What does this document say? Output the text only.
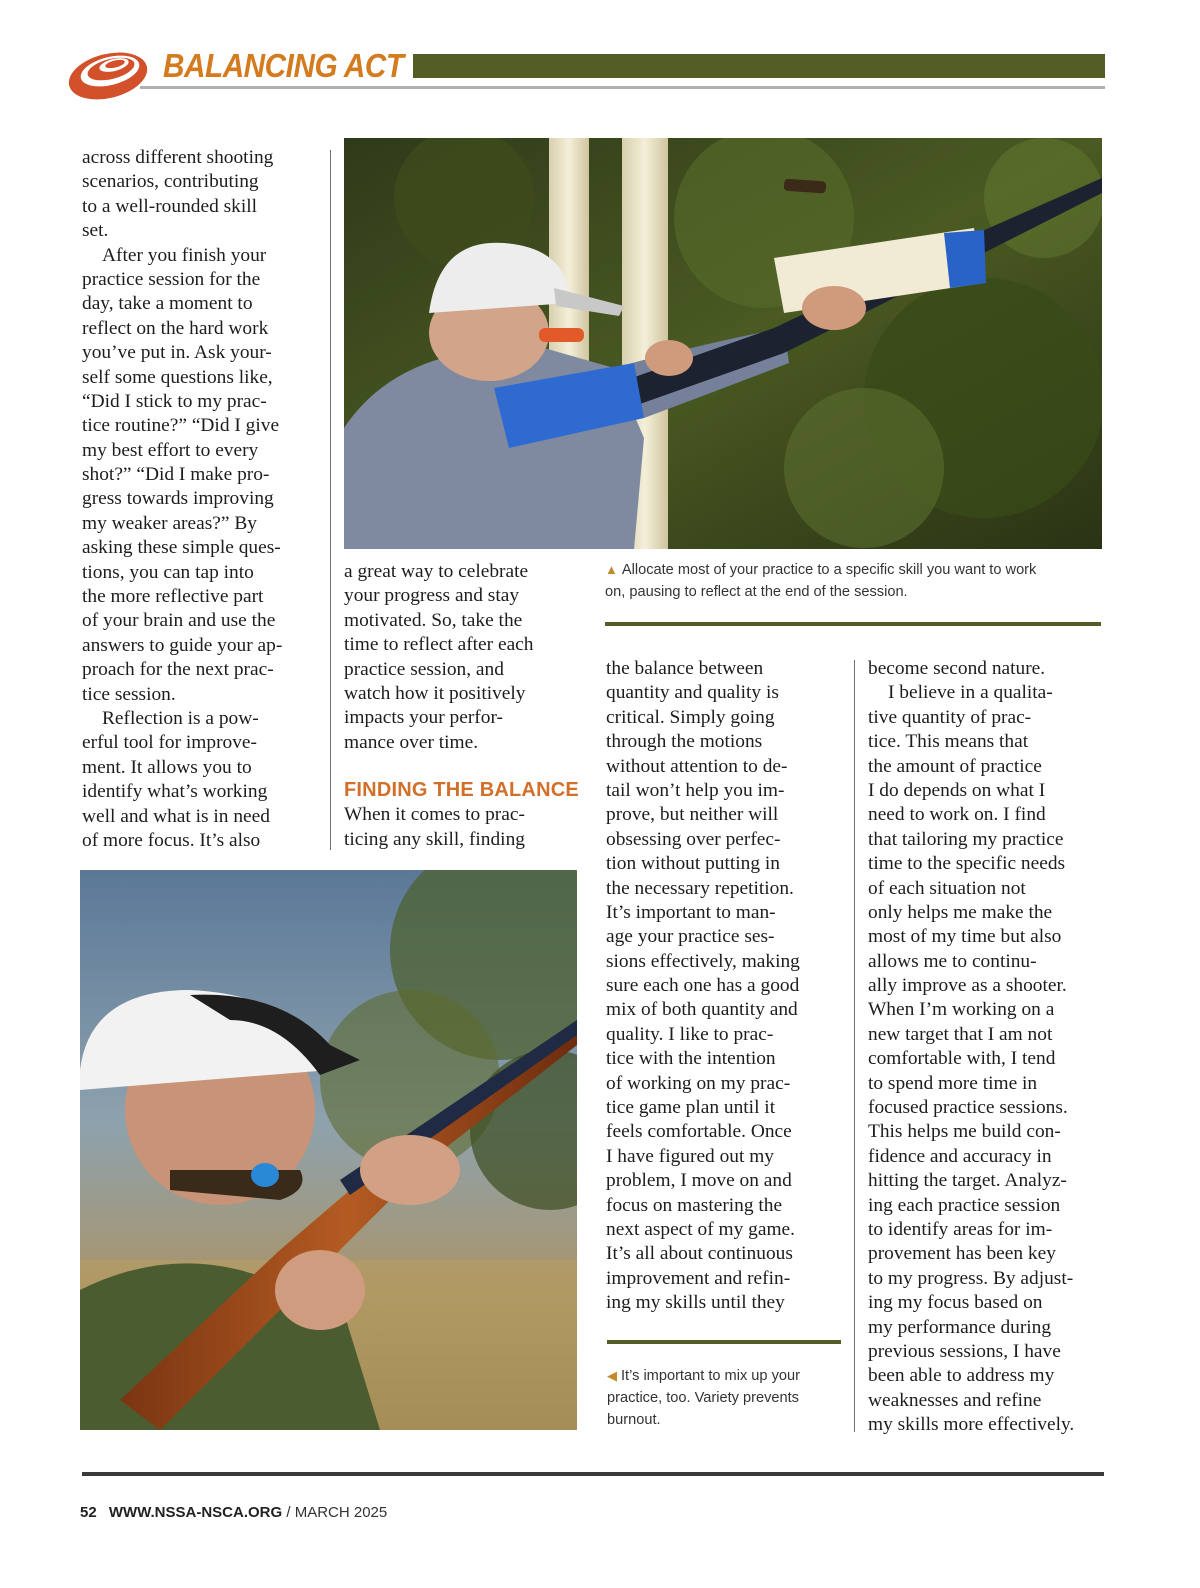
BALANCING ACT
across different shooting
scenarios, contributing
to a well-rounded skill
set.
After you finish your
practice session for the
day, take a moment to
reflect on the hard work
you’ve put in. Ask your-
self some questions like,
“Did I stick to my prac-
tice routine?” “Did I give
my best effort to every
shot?” “Did I make pro-
gress towards improving
my weaker areas?” By
asking these simple ques-
tions, you can tap into
the more reflective part
of your brain and use the
answers to guide your ap-
proach for the next prac-
tice session.
Reflection is a pow-
erful tool for improve-
ment. It allows you to
identify what’s working
well and what is in need
of more focus. It’s also
a great way to celebrate
your progress and stay
motivated. So, take the
time to reflect after each
practice session, and
watch how it positively
impacts your perfor-
mance over time.
FINDING THE BALANCE
When it comes to prac-
ticing any skill, finding
▲ Allocate most of your practice to a specific skill you want to work
on, pausing to reflect at the end of the session.
the balance between
quantity and quality is
critical. Simply going
through the motions
without attention to de-
tail won’t help you im-
prove, but neither will
obsessing over perfec-
tion without putting in
the necessary repetition.
It’s important to man-
age your practice ses-
sions effectively, making
sure each one has a good
mix of both quantity and
quality. I like to prac-
tice with the intention
of working on my prac-
tice game plan until it
feels comfortable. Once
I have figured out my
problem, I move on and
focus on mastering the
next aspect of my game.
It’s all about continuous
improvement and refin-
ing my skills until they
◀ It’s important to mix up your
practice, too. Variety prevents
burnout.
become second nature.
I believe in a qualita-
tive quantity of prac-
tice. This means that
the amount of practice
I do depends on what I
need to work on. I find
that tailoring my practice
time to the specific needs
of each situation not
only helps me make the
most of my time but also
allows me to continu-
ally improve as a shooter.
When I’m working on a
new target that I am not
comfortable with, I tend
to spend more time in
focused practice sessions.
This helps me build con-
fidence and accuracy in
hitting the target. Analyz-
ing each practice session
to identify areas for im-
provement has been key
to my progress. By adjust-
ing my focus based on
my performance during
previous sessions, I have
been able to address my
weaknesses and refine
my skills more effectively.
52 WWW.NSSA-NSCA.ORG / MARCH 2025
